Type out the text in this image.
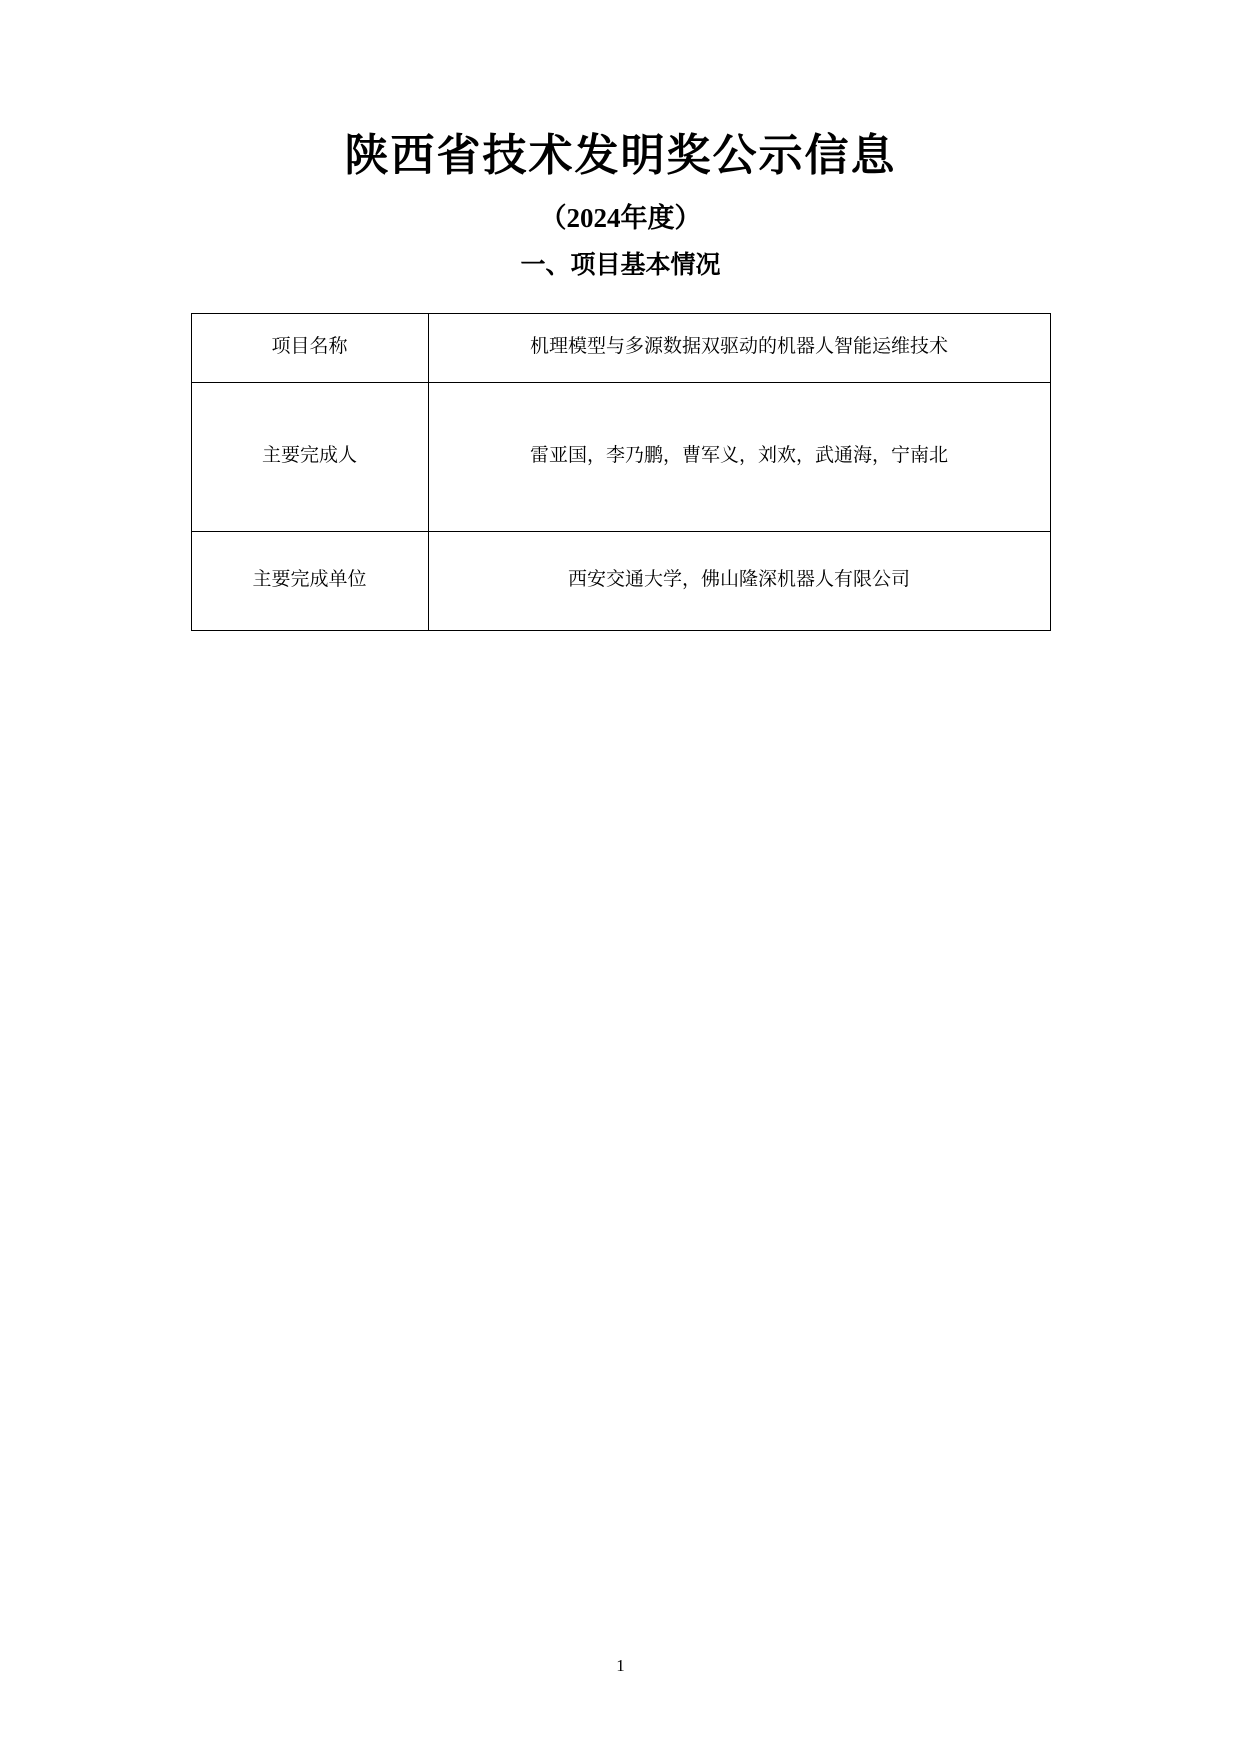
陕西省技术发明奖公示信息
（2024年度）
一、项目基本情况
项目名称	机理模型与多源数据双驱动的机器人智能运维技术
主要完成人	雷亚国，李乃鹏，曹军义，刘欢，武通海，宁南北
主要完成单位	西安交通大学，佛山隆深机器人有限公司
1
